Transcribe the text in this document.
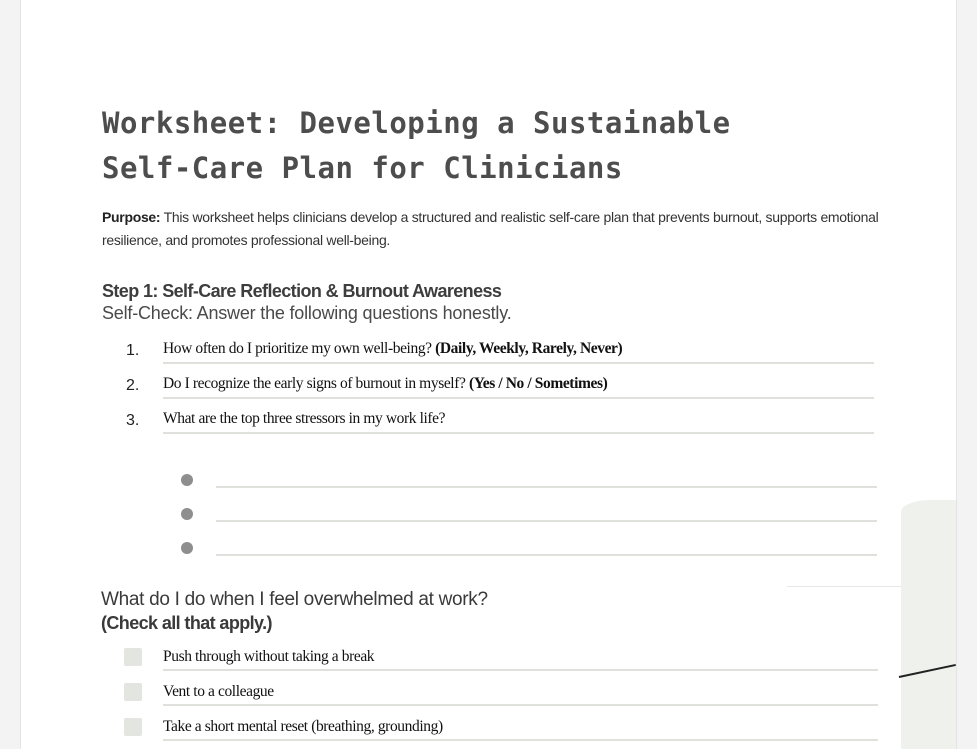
Worksheet: Developing a Sustainable
Self-Care Plan for Clinicians
Purpose: This worksheet helps clinicians develop a structured and realistic self-care plan that prevents burnout, supports emotional resilience, and promotes professional well-being.
Step 1: Self-Care Reflection & Burnout Awareness
Self-Check: Answer the following questions honestly.
1. How often do I prioritize my own well-being? (Daily, Weekly, Rarely, Never)
2. Do I recognize the early signs of burnout in myself? (Yes / No / Sometimes)
3. What are the top three stressors in my work life?
What do I do when I feel overwhelmed at work?
(Check all that apply.)
Push through without taking a break
Vent to a colleague
Take a short mental reset (breathing, grounding)
